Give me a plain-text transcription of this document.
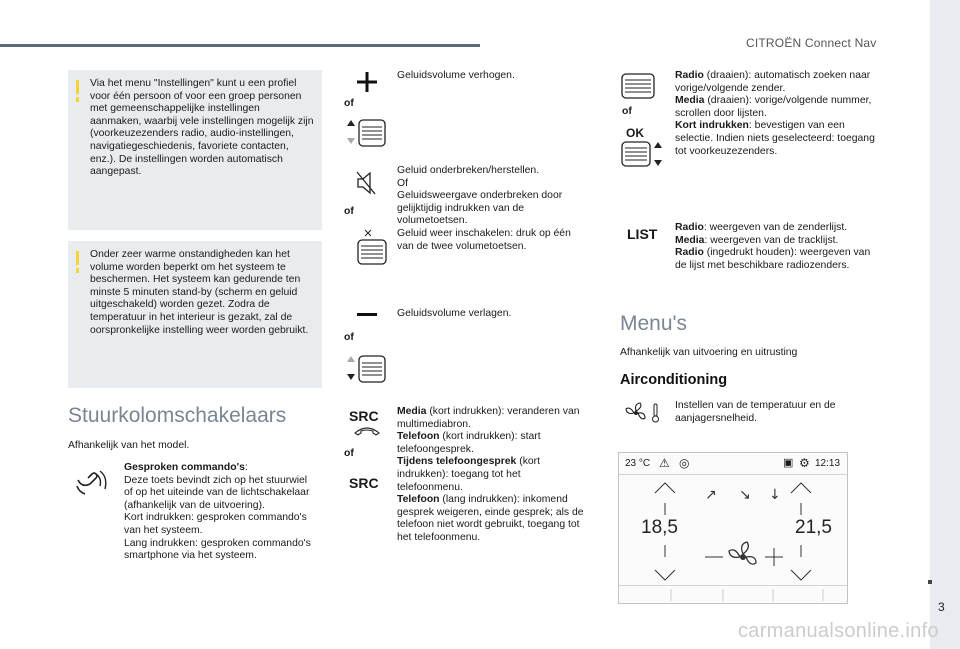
CITROËN Connect Nav
3
Via het menu "Instellingen" kunt u een profiel voor één persoon of voor een groep personen met gemeenschappelijke instellingen aanmaken, waarbij vele instellingen mogelijk zijn (voorkeuzezenders radio, audio-instellingen, navigatiegeschiedenis, favoriete contacten, enz.). De instellingen worden automatisch aangepast.
Onder zeer warme onstandigheden kan het volume worden beperkt om het systeem te beschermen. Het systeem kan gedurende ten minste 5 minuten stand-by (scherm en geluid uitgeschakeld) worden gezet. Zodra de temperatuur in het interieur is gezakt, zal de oorspronkelijke instelling weer worden gebruikt.
Stuurkolomschakelaars
Afhankelijk van het model.
Gesproken commando's:
Deze toets bevindt zich op het stuurwiel of op het uiteinde van de lichtschakelaar (afhankelijk van de uitvoering).
Kort indrukken: gesproken commando's van het systeem.
Lang indrukken: gesproken commando's smartphone via het systeem.
of
Geluidsvolume verhogen.
of
Geluid onderbreken/herstellen.
Of
Geluidsweergave onderbreken door gelijktijdig indrukken van de volumetoetsen.
Geluid weer inschakelen: druk op één van de twee volumetoetsen.
of
Geluidsvolume verlagen.
SRC
of
SRC
Media (kort indrukken): veranderen van multimediabron.
Telefoon (kort indrukken): start telefoongesprek.
Tijdens telefoongesprek (kort indrukken): toegang tot het telefoonmenu.
Telefoon (lang indrukken): inkomend gesprek weigeren, einde gesprek; als de telefoon niet wordt gebruikt, toegang tot het telefoonmenu.
of
OK
Radio (draaien): automatisch zoeken naar vorige/volgende zender.
Media (draaien): vorige/volgende nummer, scrollen door lijsten.
Kort indrukken: bevestigen van een selectie. Indien niets geselecteerd: toegang tot voorkeuzezenders.
LIST Radio: weergeven van de zenderlijst.
Media: weergeven van de tracklijst.
Radio (ingedrukt houden): weergeven van de lijst met beschikbare radiozenders.
Menu's
Afhankelijk van uitvoering en uitrusting
Airconditioning
Instellen van de temperatuur en de aanjagersnelheid.
23 °C ⚠ ◎	▣ ⚙ 12:13
↗ ↘ ↓
18,5	21,5
carmanualsonline.info
